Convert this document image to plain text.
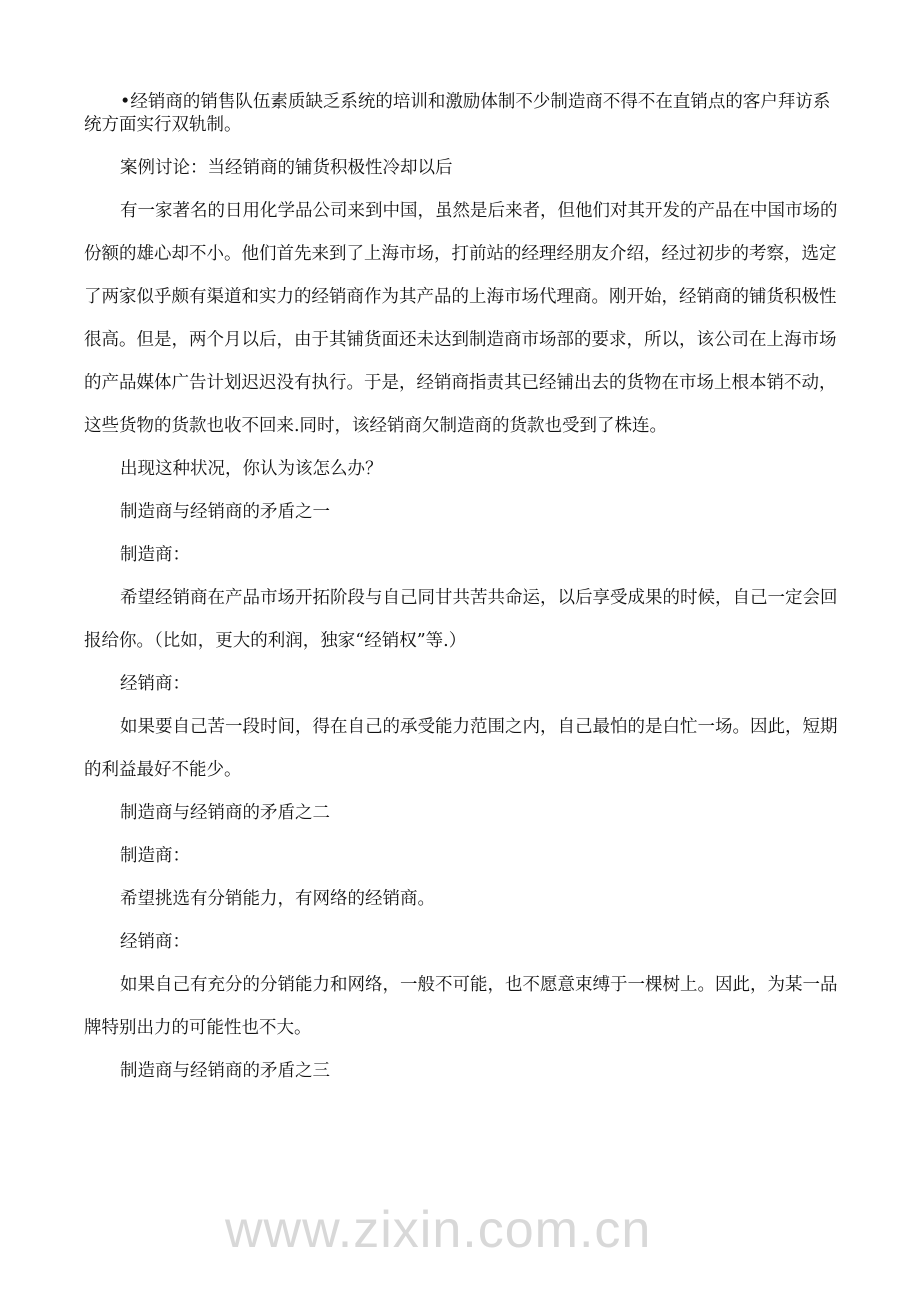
•经销商的销售队伍素质缺乏系统的培训和激励体制不少制造商不得不在直销点的客户拜访系
统方面实行双轨制。
案例讨论：当经销商的铺货积极性冷却以后
有一家著名的日用化学品公司来到中国，虽然是后来者，但他们对其开发的产品在中国市场的
份额的雄心却不小。他们首先来到了上海市场，打前站的经理经朋友介绍，经过初步的考察，选定
了两家似乎颇有渠道和实力的经销商作为其产品的上海市场代理商。刚开始，经销商的铺货积极性
很高。但是，两个月以后，由于其铺货面还未达到制造商市场部的要求，所以，该公司在上海市场
的产品媒体广告计划迟迟没有执行。于是，经销商指责其已经铺出去的货物在市场上根本销不动，
这些货物的货款也收不回来.同时，该经销商欠制造商的货款也受到了株连。
出现这种状况，你认为该怎么办？
制造商与经销商的矛盾之一
制造商：
希望经销商在产品市场开拓阶段与自己同甘共苦共命运，以后享受成果的时候，自己一定会回
报给你。（比如，更大的利润，独家“经销权”等.）
经销商：
如果要自己苦一段时间，得在自己的承受能力范围之内，自己最怕的是白忙一场。因此，短期
的利益最好不能少。
制造商与经销商的矛盾之二
制造商：
希望挑选有分销能力，有网络的经销商。
经销商：
如果自己有充分的分销能力和网络，一般不可能，也不愿意束缚于一棵树上。因此，为某一品
牌特别出力的可能性也不大。
制造商与经销商的矛盾之三
www.zixin.com.cn
